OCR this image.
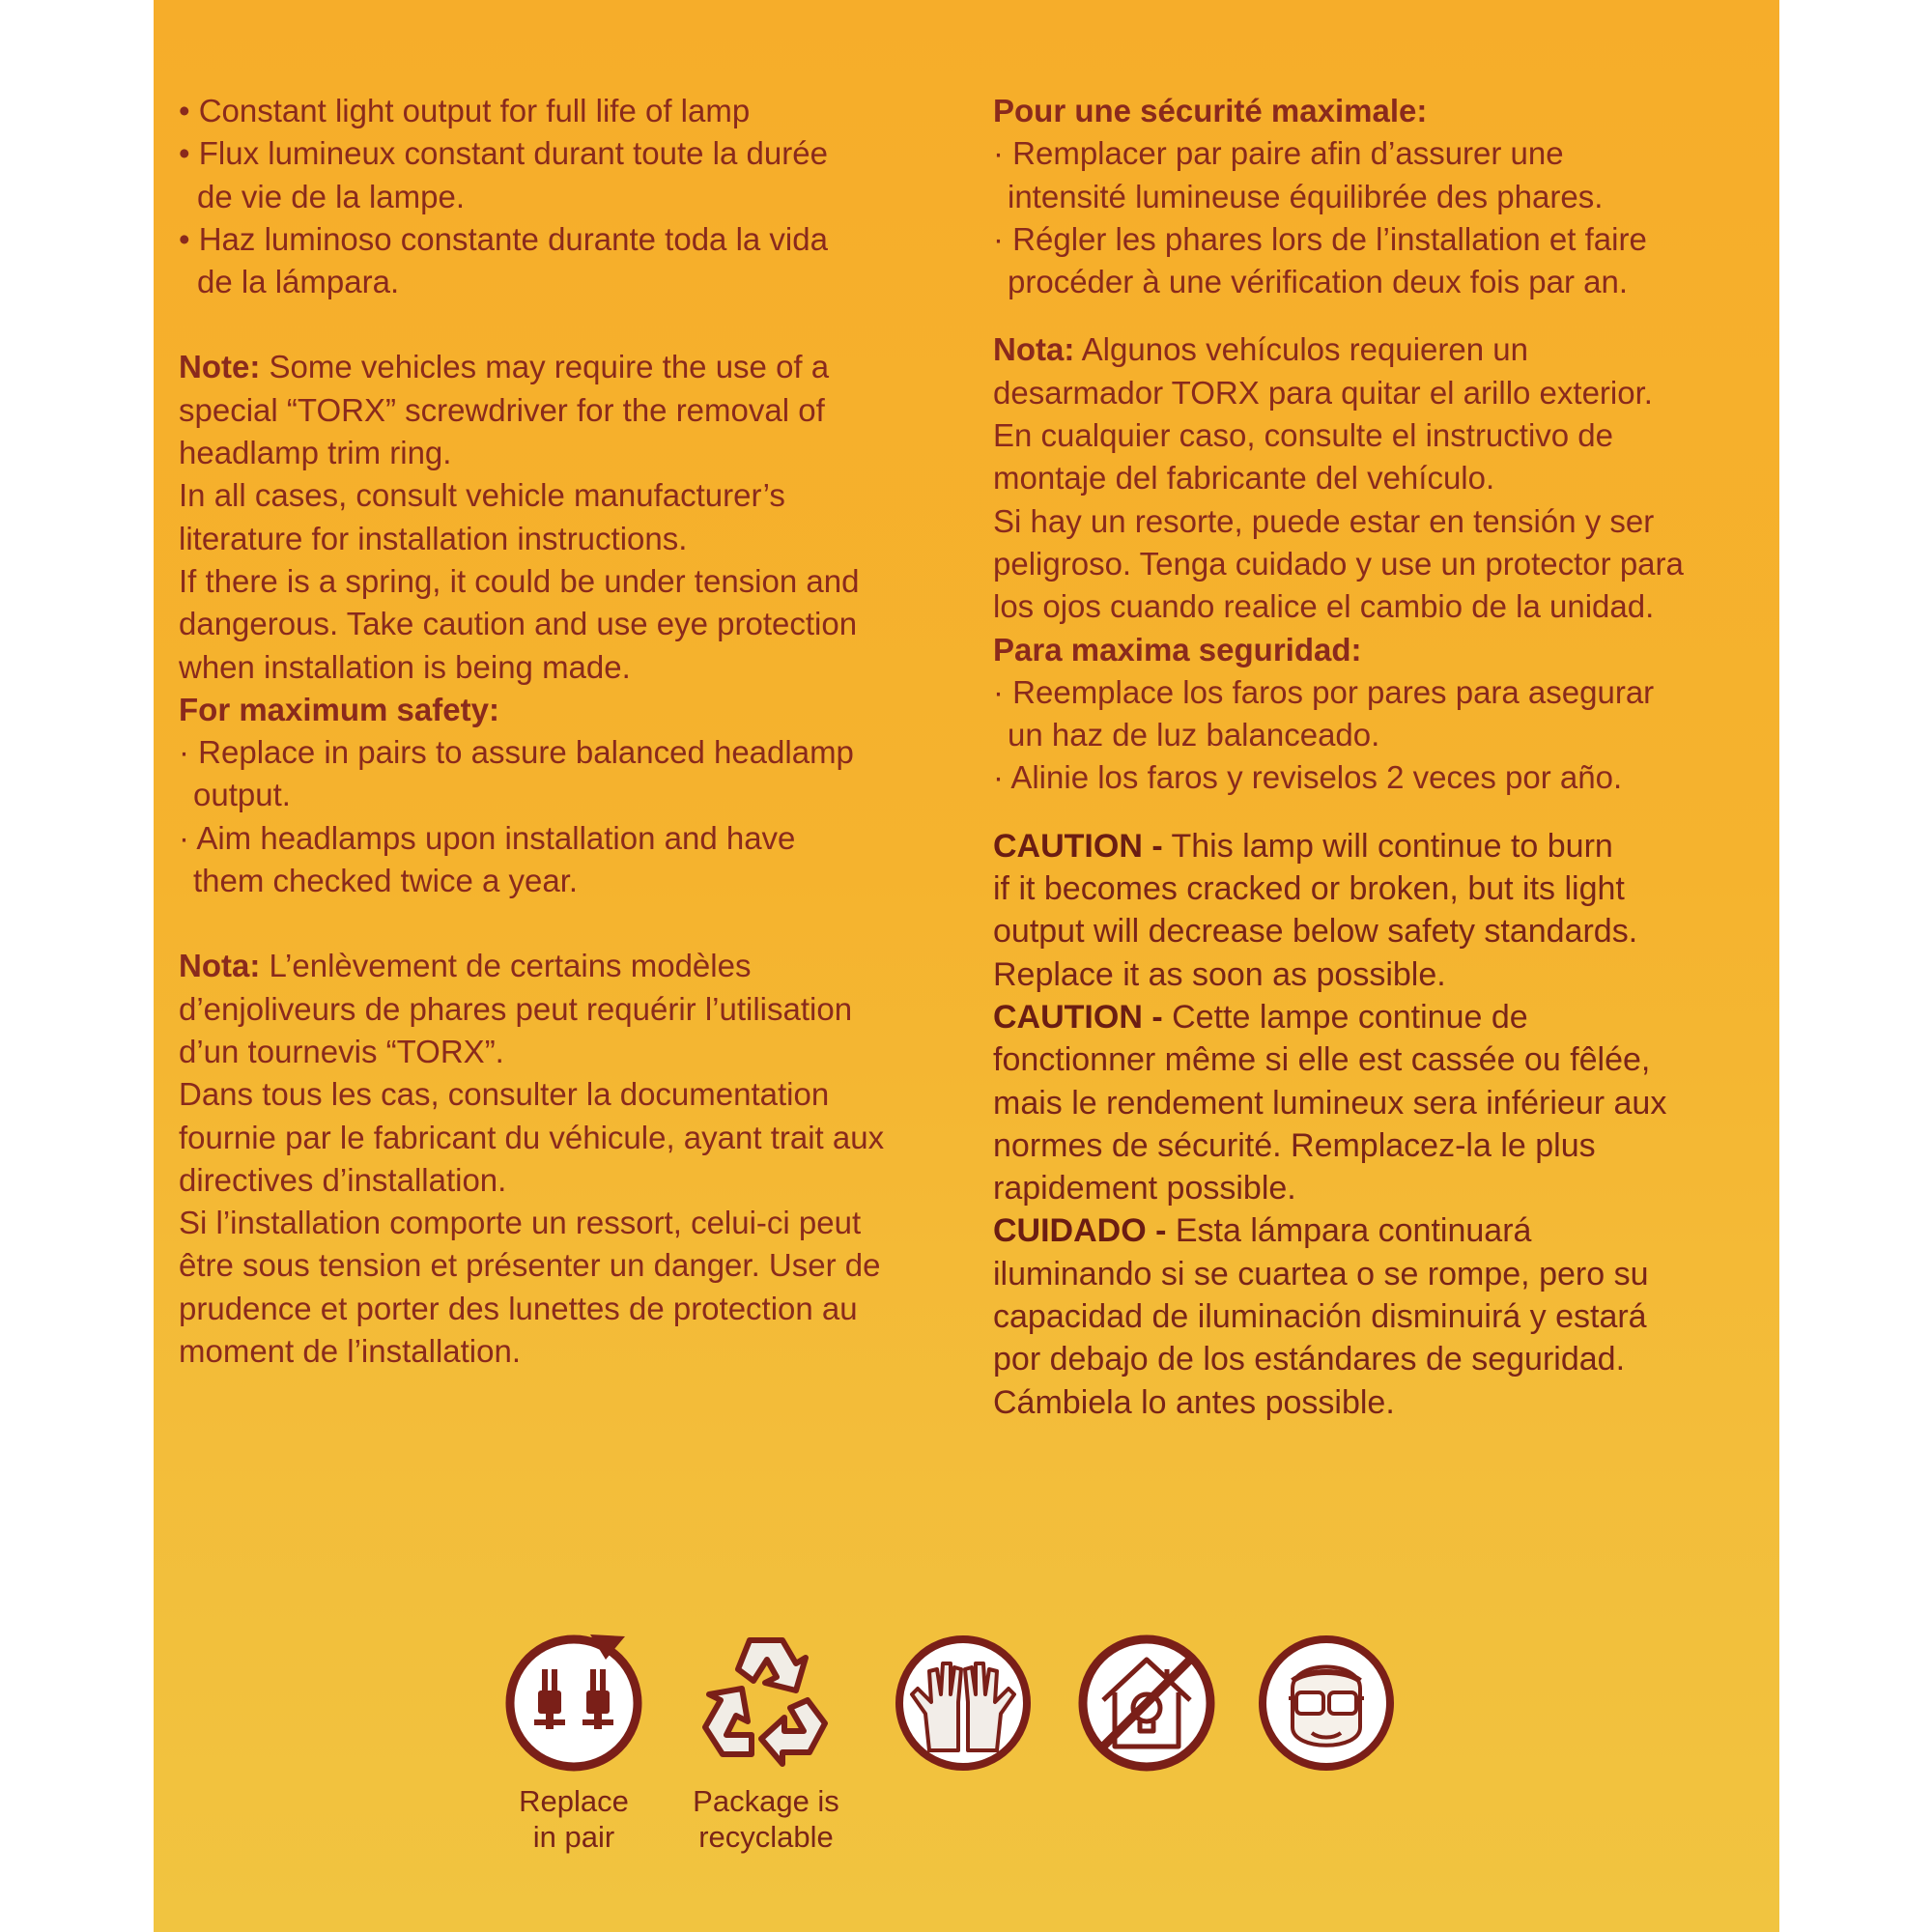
• Constant light output for full life of lamp
• Flux lumineux constant durant toute la durée
de vie de la lampe.
• Haz luminoso constante durante toda la vida
de la lámpara.
Note: Some vehicles may require the use of a
special “TORX” screwdriver for the removal of
headlamp trim ring.
In all cases, consult vehicle manufacturer’s
literature for installation instructions.
If there is a spring, it could be under tension and
dangerous. Take caution and use eye protection
when installation is being made.
For maximum safety:
· Replace in pairs to assure balanced headlamp
output.
· Aim headlamps upon installation and have
them checked twice a year.
Nota: L’enlèvement de certains modèles
d’enjoliveurs de phares peut requérir l’utilisation
d’un tournevis “TORX”.
Dans tous les cas, consulter la documentation
fournie par le fabricant du véhicule, ayant trait aux
directives d’installation.
Si l’installation comporte un ressort, celui-ci peut
être sous tension et présenter un danger. User de
prudence et porter des lunettes de protection au
moment de l’installation.
Pour une sécurité maximale:
· Remplacer par paire afin d’assurer une
intensité lumineuse équilibrée des phares.
· Régler les phares lors de l’installation et faire
procéder à une vérification deux fois par an.
Nota: Algunos vehículos requieren un
desarmador TORX para quitar el arillo exterior.
En cualquier caso, consulte el instructivo de
montaje del fabricante del vehículo.
Si hay un resorte, puede estar en tensión y ser
peligroso. Tenga cuidado y use un protector para
los ojos cuando realice el cambio de la unidad.
Para maxima seguridad:
· Reemplace los faros por pares para asegurar
un haz de luz balanceado.
· Alinie los faros y reviselos 2 veces por año.
CAUTION - This lamp will continue to burn
if it becomes cracked or broken, but its light
output will decrease below safety standards.
Replace it as soon as possible.
CAUTION - Cette lampe continue de
fonctionner même si elle est cassée ou fêlée,
mais le rendement lumineux sera inférieur aux
normes de sécurité. Remplacez-la le plus
rapidement possible.
CUIDADO - Esta lámpara continuará
iluminando si se cuartea o se rompe, pero su
capacidad de iluminación disminuirá y estará
por debajo de los estándares de seguridad.
Cámbiela lo antes possible.
Replace
in pair
Package is
recyclable
